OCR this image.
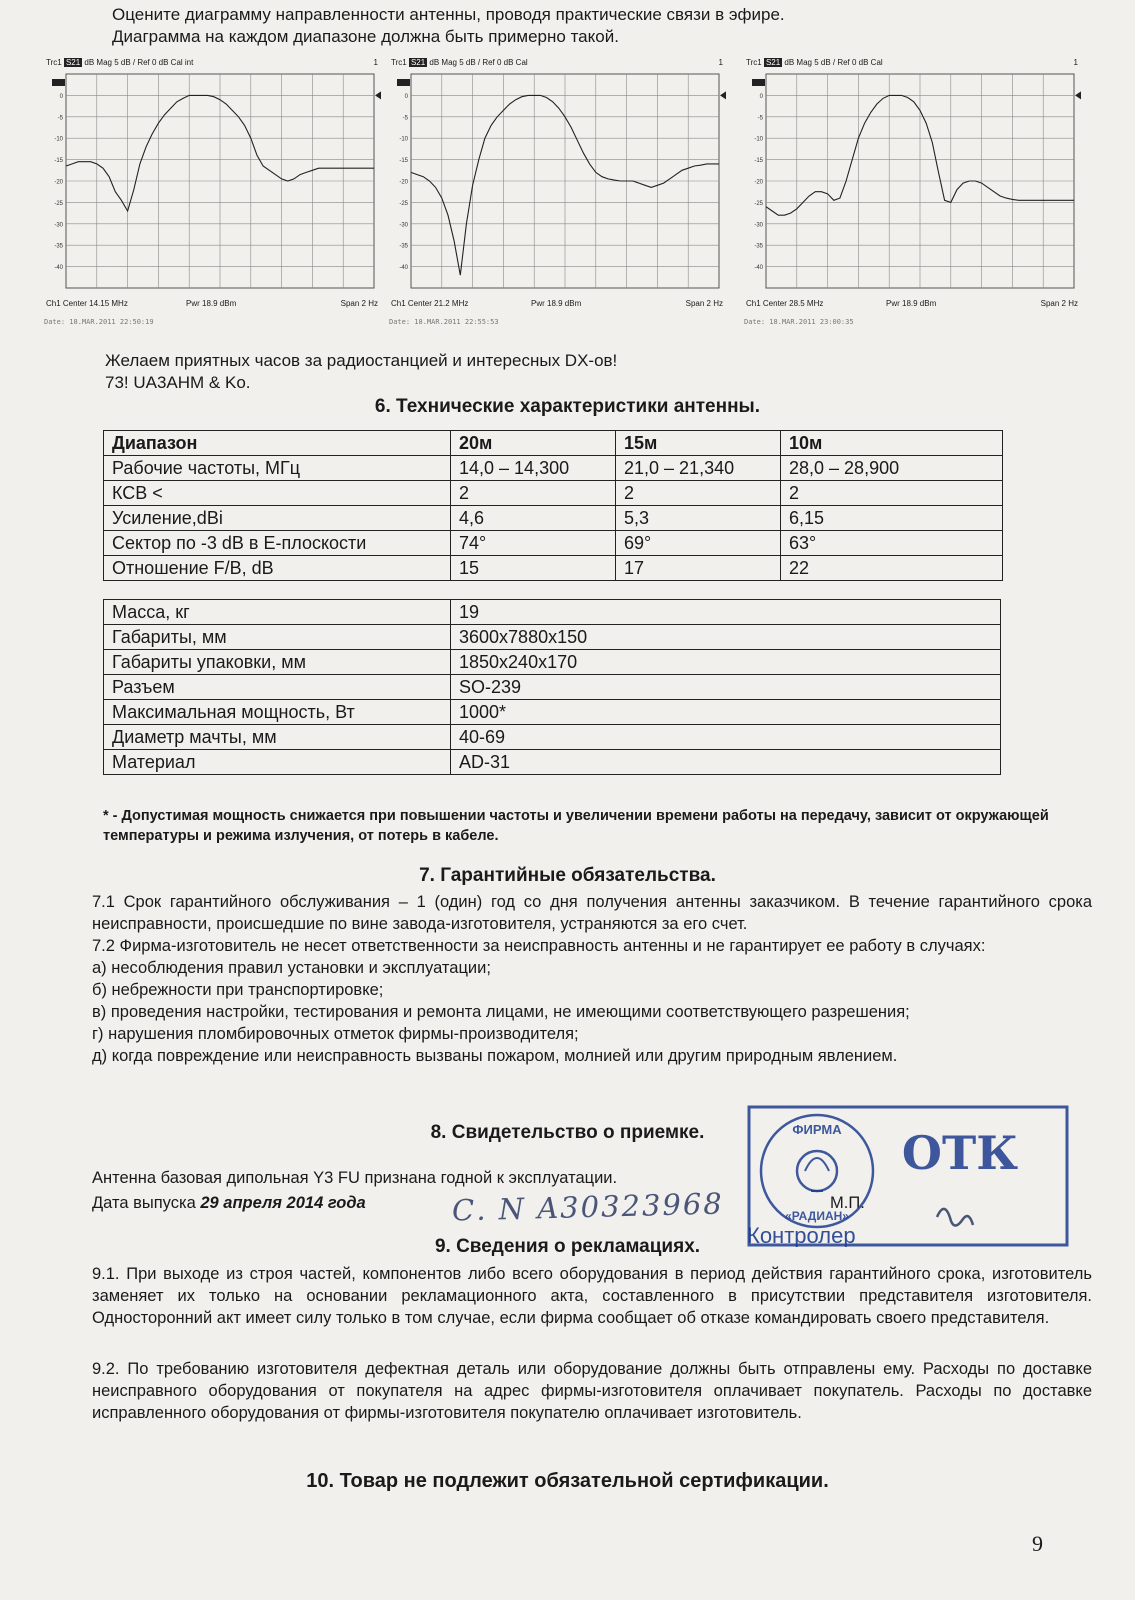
Оцените диаграмму направленности антенны, проводя практические связи в эфире.
Диаграмма на каждом диапазоне должна быть примерно такой.
Trc1 S21 dB Mag 5 dB / Ref 0 dB Cal int	1
0
-5
-10
-15
-20
-25
-30
-35
-40
Ch1 Center 14.15 MHz	Pwr 18.9 dBm	Span 2 Hz
Date: 18.MAR.2011 22:50:19
Trc1 S21 dB Mag 5 dB / Ref 0 dB Cal	1
0
-5
-10
-15
-20
-25
-30
-35
-40
Ch1 Center 21.2 MHz	Pwr 18.9 dBm	Span 2 Hz
Date: 18.MAR.2011 22:55:53
Trc1 S21 dB Mag 5 dB / Ref 0 dB Cal	1
0
-5
-10
-15
-20
-25
-30
-35
-40
Ch1 Center 28.5 MHz	Pwr 18.9 dBm	Span 2 Hz
Date: 18.MAR.2011 23:00:35
Желаем приятных часов за радиостанцией и интересных DX-ов!
73! UA3AHM & Ko.
6. Технические характеристики антенны.
Диапазон	20м	15м	10м
Рабочие частоты, МГц	14,0 – 14,300	21,0 – 21,340	28,0 – 28,900
КСВ <	2	2	2
Усиление,dBi	4,6	5,3	6,15
Сектор по -3 dB в Е-плоскости	74°	69°	63°
Отношение F/B, dB	15	17	22
Масса, кг	19
Габариты, мм	3600х7880х150
Габариты упаковки, мм	1850х240х170
Разъем	SO-239
Максимальная мощность, Вт	1000*
Диаметр мачты, мм	40-69
Материал	AD-31
* - Допустимая мощность снижается при повышении частоты и увеличении времени работы на передачу, зависит от окружающей температуры и режима излучения, от потерь в кабеле.
7. Гарантийные обязательства.
7.1 Срок гарантийного обслуживания – 1 (один) год со дня получения антенны заказчиком. В течение гарантийного срока неисправности, происшедшие по вине завода-изготовителя, устраняются за его счет.
7.2 Фирма-изготовитель не несет ответственности за неисправность антенны и не гарантирует ее работу в случаях:
а) несоблюдения правил установки и эксплуатации;
б) небрежности при транспортировке;
в) проведения настройки, тестирования и ремонта лицами, не имеющими соответствующего разрешения;
г) нарушения пломбировочных отметок фирмы-производителя;
д) когда повреждение или неисправность вызваны пожаром, молнией или другим природным явлением.
8. Свидетельство о приемке.
Антенна базовая дипольная Y3 FU признана годной к эксплуатации.
Дата выпуска 29 апреля 2014 года	С. N A30323968	М.П.
ФИРМА
«РАДИАН»
ОТК
Контролер
9. Сведения о рекламациях.
9.1. При выходе из строя частей, компонентов либо всего оборудования в период действия гарантийного срока, изготовитель заменяет их только на основании рекламационного акта, составленного в присутствии представителя изготовителя. Односторонний акт имеет силу только в том случае, если фирма сообщает об отказе командировать своего представителя.
9.2. По требованию изготовителя дефектная деталь или оборудование должны быть отправлены ему. Расходы по доставке неисправного оборудования от покупателя на адрес фирмы-изготовителя оплачивает покупатель. Расходы по доставке исправленного оборудования от фирмы-изготовителя покупателю оплачивает изготовитель.
10. Товар не подлежит обязательной сертификации.
9
